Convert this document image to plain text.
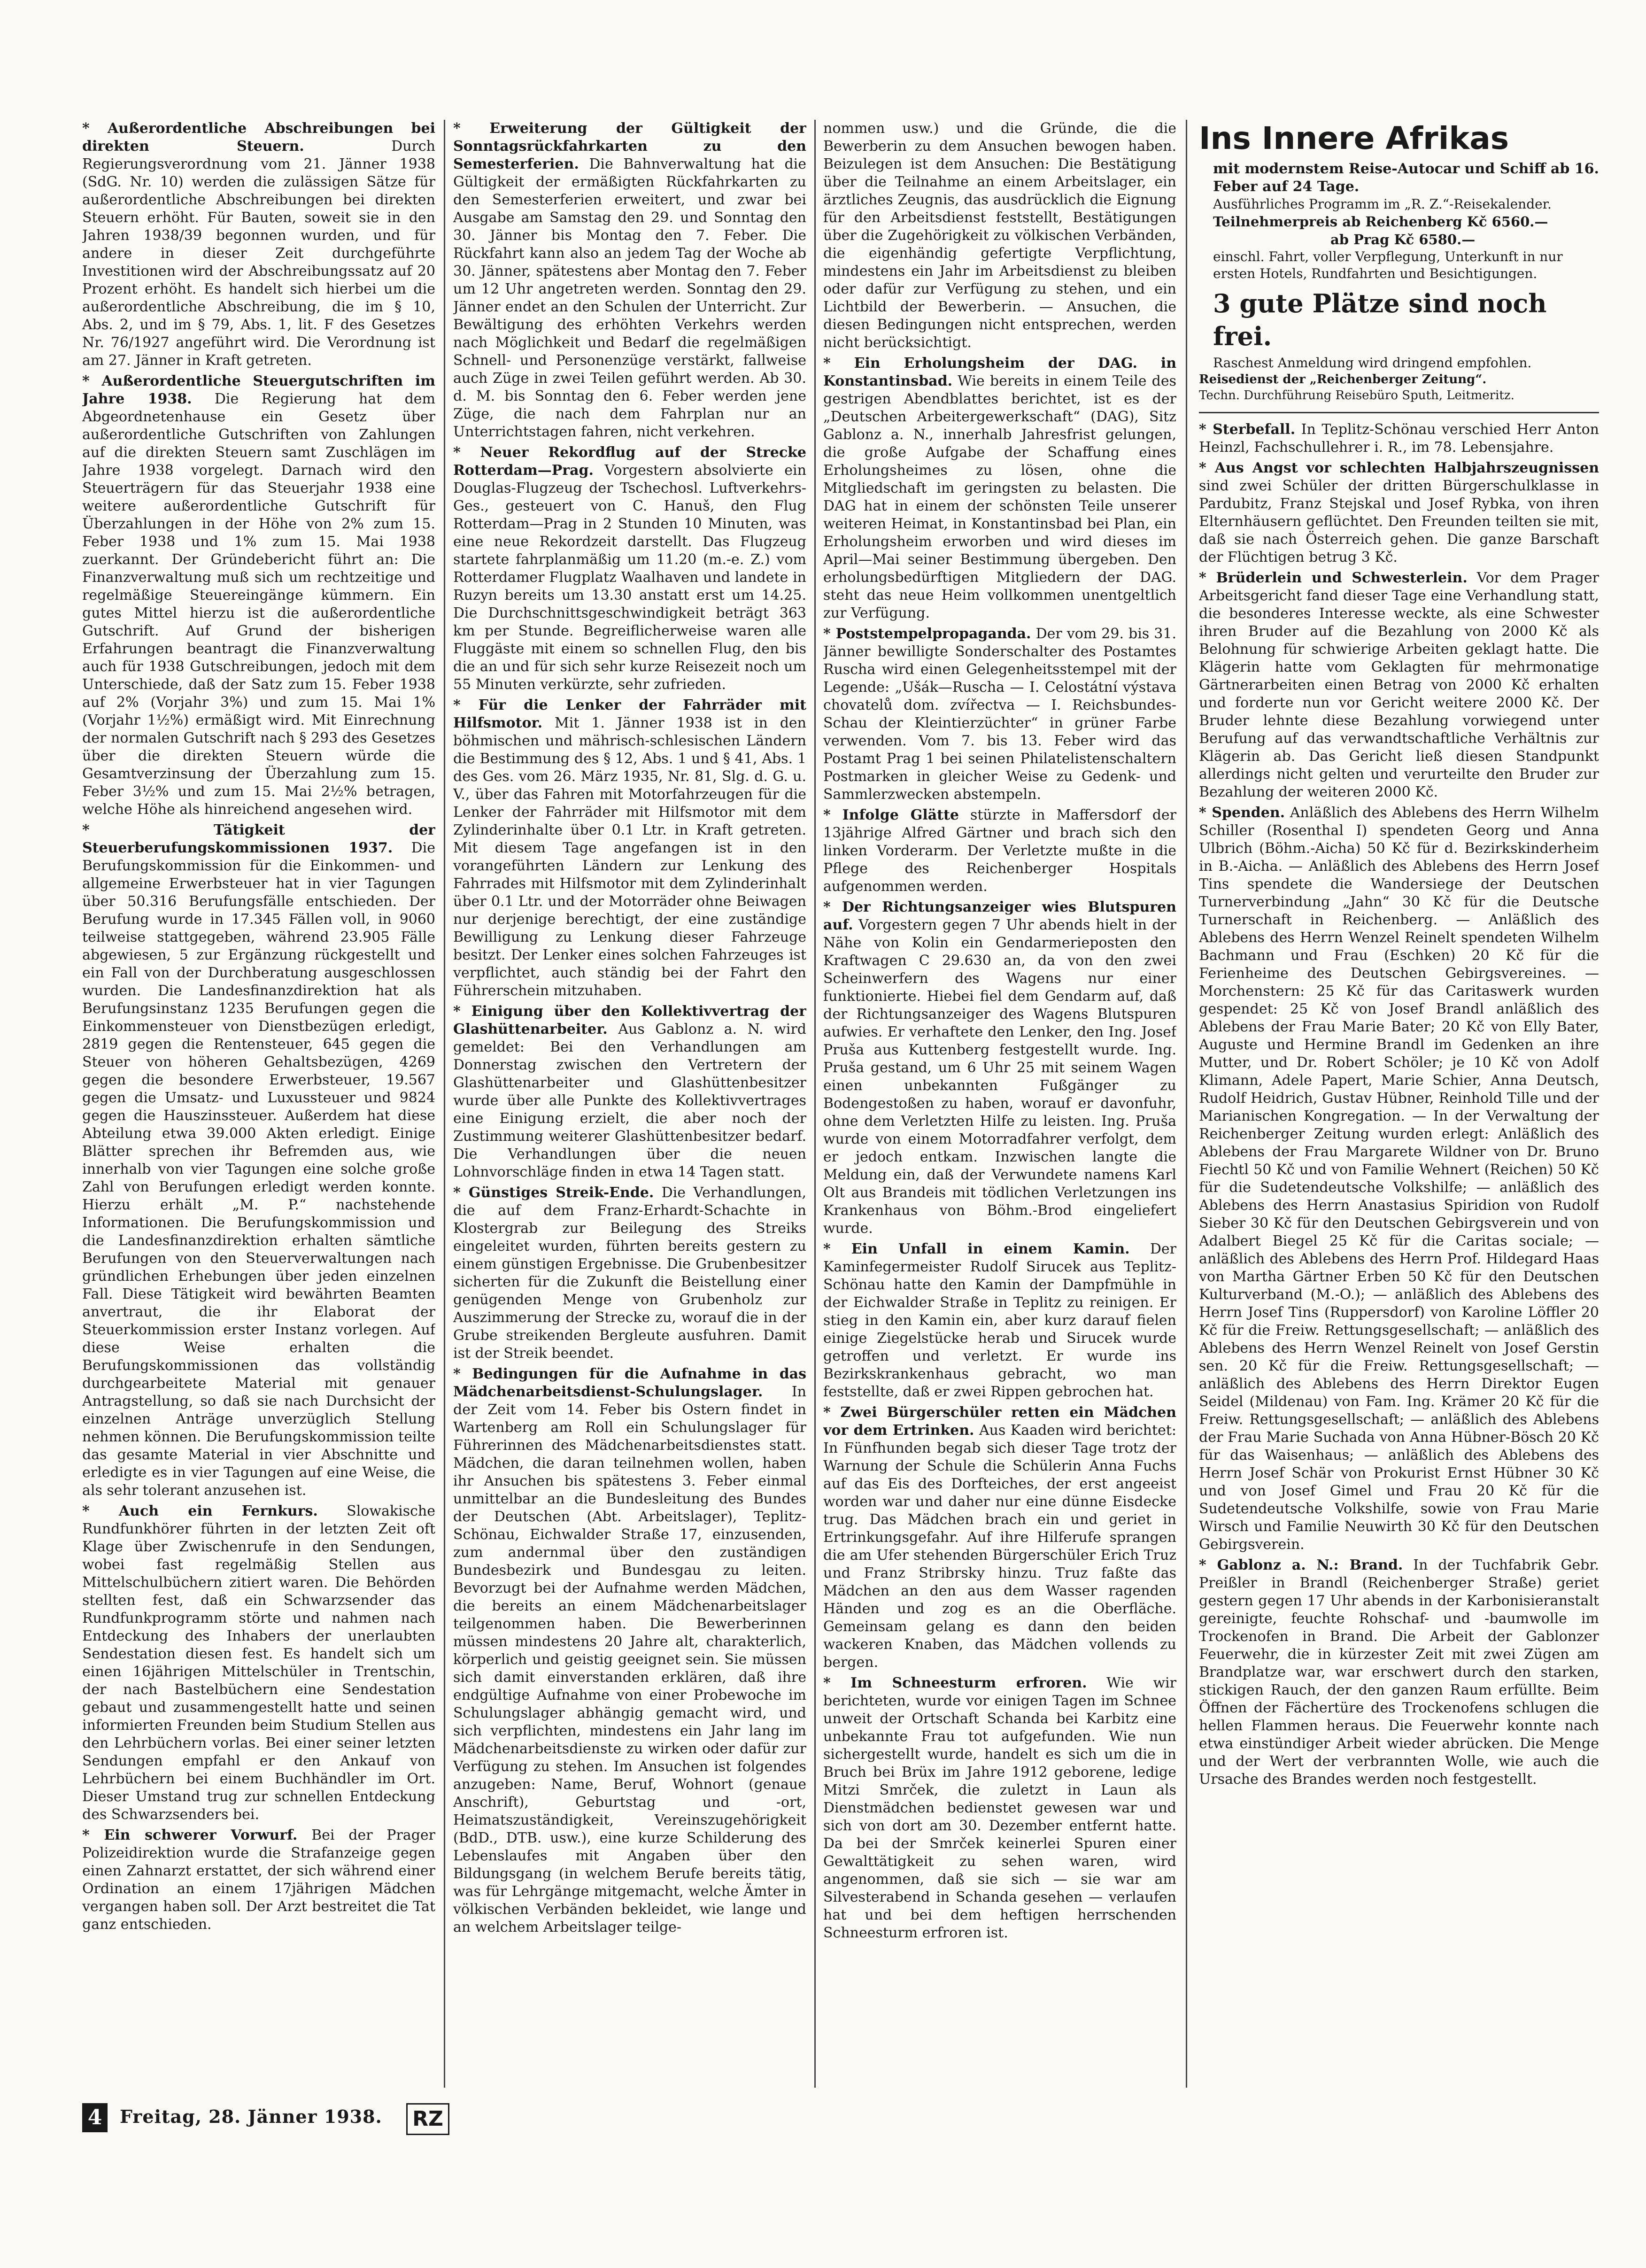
* Außerordentliche Abschreibungen bei direkten Steuern.	Durch Regierungsverordnung vom 21. Jänner 1938 (SdG. Nr. 10) werden die zulässigen Sätze für außerordentliche Abschreibungen bei direkten Steuern erhöht. Für Bauten, soweit sie in den Jahren 1938/39 begonnen wurden, und für andere in dieser Zeit durchgeführte Investitionen wird der Abschreibungssatz auf 20 Prozent erhöht. Es handelt sich hierbei um die außerordentliche Abschreibung, die im § 10, Abs. 2, und im § 79, Abs. 1, lit. F des Gesetzes Nr. 76/1927 angeführt wird. Die Verordnung ist am 27. Jänner in Kraft getreten.

* Außerordentliche Steuergutschriften im Jahre 1938. Die Regierung hat dem Abgeordnetenhause ein Gesetz über außerordentliche Gutschriften von Zahlungen auf die direkten Steuern samt Zuschlägen im Jahre 1938 vorgelegt. Darnach wird den Steuerträgern für das Steuerjahr 1938 eine weitere außerordentliche Gutschrift für Überzahlungen in der Höhe von 2% zum 15. Feber 1938 und 1% zum 15. Mai 1938 zuerkannt. Der Gründebericht führt an: Die Finanzverwaltung muß sich um rechtzeitige und regelmäßige Steuereingänge kümmern. Ein gutes Mittel hierzu ist die außerordentliche Gutschrift. Auf Grund der bisherigen Erfahrungen beantragt die Finanzverwaltung auch für 1938 Gutschreibungen, jedoch mit dem Unterschiede, daß der Satz zum 15. Feber 1938 auf 2% (Vorjahr 3%) und zum 15. Mai 1% (Vorjahr 1½%) ermäßigt wird. Mit Einrechnung der normalen Gutschrift nach § 293 des Gesetzes über die direkten Steuern würde die Gesamtverzinsung der Überzahlung zum 15. Feber 3½% und zum 15. Mai 2½% betragen, welche Höhe als hinreichend angesehen wird.

* Tätigkeit der Steuerberufungskommissionen 1937. Die Berufungskommission für die Einkommen- und allgemeine Erwerbsteuer hat in vier Tagungen über 50.316 Berufungsfälle entschieden. Der Berufung wurde in 17.345 Fällen voll, in 9060 teilweise stattgegeben, während 23.905 Fälle abgewiesen, 5 zur Ergänzung rückgestellt und ein Fall von der Durchberatung ausgeschlossen wurden. Die Landesfinanzdirektion hat als Berufungsinstanz 1235 Berufungen gegen die Einkommensteuer von Dienstbezügen erledigt, 2819 gegen die Rentensteuer, 645 gegen die Steuer von höheren Gehaltsbezügen, 4269 gegen die besondere Erwerbsteuer, 19.567 gegen die Umsatz- und Luxussteuer und 9824 gegen die Hauszinssteuer. Außerdem hat diese Abteilung etwa 39.000 Akten erledigt. Einige Blätter sprechen ihr Befremden aus, wie innerhalb von vier Tagungen eine solche große Zahl von Berufungen erledigt werden konnte. Hierzu erhält „M. P.“ nachstehende Informationen. Die Berufungskommission und die Landesfinanzdirektion erhalten sämtliche Berufungen von den Steuerverwaltungen nach gründlichen Erhebungen über jeden einzelnen Fall. Diese Tätigkeit wird bewährten Beamten anvertraut, die ihr Elaborat der Steuerkommission erster Instanz vorlegen. Auf diese Weise erhalten die Berufungskommissionen das vollständig durchgearbeitete Material mit genauer Antragstellung, so daß sie nach Durchsicht der einzelnen Anträge unverzüglich Stellung nehmen können. Die Berufungskommission teilte das gesamte Material in vier Abschnitte und erledigte es in vier Tagungen auf eine Weise, die als sehr tolerant anzusehen ist.

* Auch ein Fernkurs. Slowakische Rundfunkhörer führten in der letzten Zeit oft Klage über Zwischenrufe in den Sendungen, wobei fast regelmäßig Stellen aus Mittelschulbüchern zitiert waren. Die Behörden stellten fest, daß ein Schwarzsender das Rundfunkprogramm störte und nahmen nach Entdeckung des Inhabers der unerlaubten Sendestation diesen fest. Es handelt sich um einen 16jährigen Mittelschüler in Trentschin, der nach Bastelbüchern eine Sendestation gebaut und zusammengestellt hatte und seinen informierten Freunden beim Studium Stellen aus den Lehrbüchern vorlas. Bei einer seiner letzten Sendungen empfahl er den Ankauf von Lehrbüchern bei einem Buchhändler im Ort. Dieser Umstand trug zur schnellen Entdeckung des Schwarzsenders bei.

* Ein schwerer Vorwurf. Bei der Prager Polizeidirektion wurde die Strafanzeige gegen einen Zahnarzt erstattet, der sich während einer Ordination an einem 17jährigen Mädchen vergangen haben soll. Der Arzt bestreitet die Tat ganz entschieden.

* Erweiterung der Gültigkeit der Sonntagsrückfahrkarten zu den Semesterferien. Die Bahnverwaltung hat die Gültigkeit der ermäßigten Rückfahrkarten zu den Semesterferien erweitert, und zwar bei Ausgabe am Samstag den 29. und Sonntag den 30. Jänner bis Montag den 7. Feber. Die Rückfahrt kann also an jedem Tag der Woche ab 30. Jänner, spätestens aber Montag den 7. Feber um 12 Uhr angetreten werden. Sonntag den 29. Jänner endet an den Schulen der Unterricht. Zur Bewältigung des erhöhten Verkehrs werden nach Möglichkeit und Bedarf die regelmäßigen Schnell- und Personenzüge verstärkt, fallweise auch Züge in zwei Teilen geführt werden. Ab 30. d. M. bis Sonntag den 6. Feber werden jene Züge, die nach dem Fahrplan nur an Unterrichtstagen fahren, nicht verkehren.

* Neuer Rekordflug auf der Strecke Rotterdam—Prag. Vorgestern absolvierte ein Douglas-Flugzeug der Tschechosl. Luftverkehrs-Ges., gesteuert von C. Hanuš, den Flug Rotterdam—Prag in 2 Stunden 10 Minuten, was eine neue Rekordzeit darstellt. Das Flugzeug startete fahrplanmäßig um 11.20 (m.-e. Z.) vom Rotterdamer Flugplatz Waalhaven und landete in Ruzyn bereits um 13.30 anstatt erst um 14.25. Die Durchschnittsgeschwindigkeit beträgt 363 km per Stunde. Begreiflicherweise waren alle Fluggäste mit einem so schnellen Flug, den bis die an und für sich sehr kurze Reisezeit noch um 55 Minuten verkürzte, sehr zufrieden.

* Für die Lenker der Fahrräder mit Hilfsmotor. Mit 1. Jänner 1938 ist in den böhmischen und mährisch-schlesischen Ländern die Bestimmung des § 12, Abs. 1 und § 41, Abs. 1 des Ges. vom 26. März 1935, Nr. 81, Slg. d. G. u. V., über das Fahren mit Motorfahrzeugen für die Lenker der Fahrräder mit Hilfsmotor mit dem Zylinderinhalte über 0.1 Ltr. in Kraft getreten. Mit diesem Tage angefangen ist in den vorangeführten Ländern zur Lenkung des Fahrrades mit Hilfsmotor mit dem Zylinderinhalt über 0.1 Ltr. und der Motorräder ohne Beiwagen nur derjenige berechtigt, der eine zuständige Bewilligung zu Lenkung dieser Fahrzeuge besitzt. Der Lenker eines solchen Fahrzeuges ist verpflichtet, auch ständig bei der Fahrt den Führerschein mitzuhaben.

* Einigung über den Kollektivvertrag der Glashüttenarbeiter. Aus Gablonz a. N. wird gemeldet: Bei den Verhandlungen am Donnerstag zwischen den Vertretern der Glashüttenarbeiter und Glashüttenbesitzer wurde über alle Punkte des Kollektivvertrages eine Einigung erzielt, die aber noch der Zustimmung weiterer Glashüttenbesitzer bedarf. Die Verhandlungen über die neuen Lohnvorschläge finden in etwa 14 Tagen statt.

* Günstiges Streik-Ende. Die Verhandlungen, die auf dem Franz-Erhardt-Schachte in Klostergrab zur Beilegung des Streiks eingeleitet wurden, führten bereits gestern zu einem günstigen Ergebnisse. Die Grubenbesitzer sicherten für die Zukunft die Beistellung einer genügenden Menge von Grubenholz zur Auszimmerung der Strecke zu, worauf die in der Grube streikenden Bergleute ausfuhren. Damit ist der Streik beendet.

* Bedingungen für die Aufnahme in das Mädchenarbeitsdienst-Schulungslager. In der Zeit vom 14. Feber bis Ostern findet in Wartenberg am Roll ein Schulungslager für Führerinnen des Mädchenarbeitsdienstes statt. Mädchen, die daran teilnehmen wollen, haben ihr Ansuchen bis spätestens 3. Feber einmal unmittelbar an die Bundesleitung des Bundes der Deutschen (Abt. Arbeitslager), Teplitz-Schönau, Eichwalder Straße 17, einzusenden, zum andernmal über den zuständigen Bundesbezirk und Bundesgau zu leiten. Bevorzugt bei der Aufnahme werden Mädchen, die bereits an einem Mädchenarbeitslager teilgenommen haben. Die Bewerberinnen müssen mindestens 20 Jahre alt, charakterlich, körperlich und geistig geeignet sein. Sie müssen sich damit einverstanden erklären, daß ihre endgültige Aufnahme von einer Probewoche im Schulungslager abhängig gemacht wird, und sich verpflichten, mindestens ein Jahr lang im Mädchenarbeitsdienste zu wirken oder dafür zur Verfügung zu stehen. Im Ansuchen ist folgendes anzugeben: Name, Beruf, Wohnort (genaue Anschrift), Geburtstag und -ort, Heimatszuständigkeit, Vereinszugehörigkeit (BdD., DTB. usw.), eine kurze Schilderung des Lebenslaufes mit Angaben über den Bildungsgang (in welchem Berufe bereits tätig, was für Lehrgänge mitgemacht, welche Ämter in völkischen Verbänden bekleidet, wie lange und an welchem Arbeitslager teilge-

nommen usw.) und die Gründe, die die Bewerberin zu dem Ansuchen bewogen haben. Beizulegen ist dem Ansuchen: Die Bestätigung über die Teilnahme an einem Arbeitslager, ein ärztliches Zeugnis, das ausdrücklich die Eignung für den Arbeitsdienst feststellt, Bestätigungen über die Zugehörigkeit zu völkischen Verbänden, die eigenhändig gefertigte Verpflichtung, mindestens ein Jahr im Arbeitsdienst zu bleiben oder dafür zur Verfügung zu stehen, und ein Lichtbild der Bewerberin. — Ansuchen, die diesen Bedingungen nicht entsprechen, werden nicht berücksichtigt.

* Ein Erholungsheim der DAG. in Konstantinsbad. Wie bereits in einem Teile des gestrigen Abendblattes berichtet, ist es der „Deutschen Arbeitergewerkschaft“ (DAG), Sitz Gablonz a. N., innerhalb Jahresfrist gelungen, die große Aufgabe der Schaffung eines Erholungsheimes zu lösen, ohne die Mitgliedschaft im geringsten zu belasten. Die DAG hat in einem der schönsten Teile unserer weiteren Heimat, in Konstantinsbad bei Plan, ein Erholungsheim erworben und wird dieses im April—Mai seiner Bestimmung übergeben. Den erholungsbedürftigen Mitgliedern der DAG. steht das neue Heim vollkommen unentgeltlich zur Verfügung.

* Poststempelpropaganda. Der vom 29. bis 31. Jänner bewilligte Sonderschalter des Postamtes Ruscha wird einen Gelegenheitsstempel mit der Legende: „Ušák—Ruscha — I. Celostátní výstava chovatelů dom. zvířectva — I. Reichsbundes-Schau der Kleintierzüchter“ in grüner Farbe verwenden. Vom 7. bis 13. Feber wird das Postamt Prag 1 bei seinen Philatelistenschaltern Postmarken in gleicher Weise zu Gedenk- und Sammlerzwecken abstempeln.

* Infolge Glätte stürzte in Maffersdorf der 13jährige Alfred Gärtner und brach sich den linken Vorderarm. Der Verletzte mußte in die Pflege des Reichenberger Hospitals aufgenommen werden.

* Der Richtungsanzeiger wies Blutspuren auf. Vorgestern gegen 7 Uhr abends hielt in der Nähe von Kolin ein Gendarmerieposten den Kraftwagen C 29.630 an, da von den zwei Scheinwerfern des Wagens nur einer funktionierte. Hiebei fiel dem Gendarm auf, daß der Richtungsanzeiger des Wagens Blutspuren aufwies. Er verhaftete den Lenker, den Ing. Josef Pruša aus Kuttenberg festgestellt wurde. Ing. Pruša gestand, um 6 Uhr 25 mit seinem Wagen einen unbekannten Fußgänger zu Bodengestoßen zu haben, worauf er davonfuhr, ohne dem Verletzten Hilfe zu leisten. Ing. Pruša wurde von einem Motorradfahrer verfolgt, dem er jedoch entkam. Inzwischen langte die Meldung ein, daß der Verwundete namens Karl Olt aus Brandeis mit tödlichen Verletzungen ins Krankenhaus von Böhm.-Brod eingeliefert wurde.

* Ein Unfall in einem Kamin. Der Kaminfegermeister Rudolf Sirucek aus Teplitz-Schönau hatte den Kamin der Dampfmühle in der Eichwalder Straße in Teplitz zu reinigen. Er stieg in den Kamin ein, aber kurz darauf fielen einige Ziegelstücke herab und Sirucek wurde getroffen und verletzt. Er wurde ins Bezirkskrankenhaus gebracht, wo man feststellte, daß er zwei Rippen gebrochen hat.

* Zwei Bürgerschüler retten ein Mädchen vor dem Ertrinken. Aus Kaaden wird berichtet: In Fünfhunden begab sich dieser Tage trotz der Warnung der Schule die Schülerin Anna Fuchs auf das Eis des Dorfteiches, der erst angeeist worden war und daher nur eine dünne Eisdecke trug. Das Mädchen brach ein und geriet in Ertrinkungsgefahr. Auf ihre Hilferufe sprangen die am Ufer stehenden Bürgerschüler Erich Truz und Franz Stribrsky hinzu. Truz faßte das Mädchen an den aus dem Wasser ragenden Händen und zog es an die Oberfläche. Gemeinsam gelang es dann den beiden wackeren Knaben, das Mädchen vollends zu bergen.

* Im Schneesturm erfroren. Wie wir berichteten, wurde vor einigen Tagen im Schnee unweit der Ortschaft Schanda bei Karbitz eine unbekannte Frau tot aufgefunden. Wie nun sichergestellt wurde, handelt es sich um die in Bruch bei Brüx im Jahre 1912 geborene, ledige Mitzi Smrček, die zuletzt in Laun als Dienstmädchen bedienstet gewesen war und sich von dort am 30. Dezember entfernt hatte. Da bei der Smrček keinerlei Spuren einer Gewalttätigkeit zu sehen waren, wird angenommen, daß sie sich — sie war am Silvesterabend in Schanda gesehen — verlaufen hat und bei dem heftigen herrschenden Schneesturm erfroren ist.

Ins Innere Afrikas
mit modernstem Reise-Autocar und Schiff ab 16. Feber auf 24 Tage.
Ausführliches Programm im „R. Z.“-Reisekalender.
Teilnehmerpreis ab Reichenberg Kč 6560.—
ab Prag Kč 6580.—
einschl. Fahrt, voller Verpflegung, Unterkunft in nur ersten Hotels, Rundfahrten und Besichtigungen.
3 gute Plätze sind noch frei.
Raschest Anmeldung wird dringend empfohlen.
Reisedienst der „Reichenberger Zeitung“.
Techn. Durchführung Reisebüro Sputh, Leitmeritz.

* Sterbefall. In Teplitz-Schönau verschied Herr Anton Heinzl, Fachschullehrer i. R., im 78. Lebensjahre.

* Aus Angst vor schlechten Halbjahrszeugnissen sind zwei Schüler der dritten Bürgerschulklasse in Pardubitz, Franz Stejskal und Josef Rybka, von ihren Elternhäusern geflüchtet. Den Freunden teilten sie mit, daß sie nach Österreich gehen. Die ganze Barschaft der Flüchtigen betrug 3 Kč.

* Brüderlein und Schwesterlein. Vor dem Prager Arbeitsgericht fand dieser Tage eine Verhandlung statt, die besonderes Interesse weckte, als eine Schwester ihren Bruder auf die Bezahlung von 2000 Kč als Belohnung für schwierige Arbeiten geklagt hatte. Die Klägerin hatte vom Geklagten für mehrmonatige Gärtnerarbeiten einen Betrag von 2000 Kč erhalten und forderte nun vor Gericht weitere 2000 Kč. Der Bruder lehnte diese Bezahlung vorwiegend unter Berufung auf das verwandtschaftliche Verhältnis zur Klägerin ab. Das Gericht ließ diesen Standpunkt allerdings nicht gelten und verurteilte den Bruder zur Bezahlung der weiteren 2000 Kč.

* Spenden. Anläßlich des Ablebens des Herrn Wilhelm Schiller (Rosenthal I) spendeten Georg und Anna Ulbrich (Böhm.-Aicha) 50 Kč für d. Bezirkskinderheim in B.-Aicha. — Anläßlich des Ablebens des Herrn Josef Tins spendete die Wandersiege der Deutschen Turnerverbindung „Jahn“ 30 Kč für die Deutsche Turnerschaft in Reichenberg. — Anläßlich des Ablebens des Herrn Wenzel Reinelt spendeten Wilhelm Bachmann und Frau (Eschken) 20 Kč für die Ferienheime des Deutschen Gebirgsvereines. — Morchenstern: 25 Kč für das Caritaswerk wurden gespendet: 25 Kč von Josef Brandl anläßlich des Ablebens der Frau Marie Bater; 20 Kč von Elly Bater, Auguste und Hermine Brandl im Gedenken an ihre Mutter, und Dr. Robert Schöler; je 10 Kč von Adolf Klimann, Adele Papert, Marie Schier, Anna Deutsch, Rudolf Heidrich, Gustav Hübner, Reinhold Tille und der Marianischen Kongregation. — In der Verwaltung der Reichenberger Zeitung wurden erlegt: Anläßlich des Ablebens der Frau Margarete Wildner von Dr. Bruno Fiechtl 50 Kč und von Familie Wehnert (Reichen) 50 Kč für die Sudetendeutsche Volkshilfe; — anläßlich des Ablebens des Herrn Anastasius Spiridion von Rudolf Sieber 30 Kč für den Deutschen Gebirgsverein und von Adalbert Biegel 25 Kč für die Caritas sociale; — anläßlich des Ablebens des Herrn Prof. Hildegard Haas von Martha Gärtner Erben 50 Kč für den Deutschen Kulturverband (M.-O.); — anläßlich des Ablebens des Herrn Josef Tins (Ruppersdorf) von Karoline Löffler 20 Kč für die Freiw. Rettungsgesellschaft; — anläßlich des Ablebens des Herrn Wenzel Reinelt von Josef Gerstin sen. 20 Kč für die Freiw. Rettungsgesellschaft; — anläßlich des Ablebens des Herrn Direktor Eugen Seidel (Mildenau) von Fam. Ing. Krämer 20 Kč für die Freiw. Rettungsgesellschaft; — anläßlich des Ablebens der Frau Marie Suchada von Anna Hübner-Bösch 20 Kč für das Waisenhaus; — anläßlich des Ablebens des Herrn Josef Schär von Prokurist Ernst Hübner 30 Kč und von Josef Gimel und Frau 20 Kč für die Sudetendeutsche Volkshilfe, sowie von Frau Marie Wirsch und Familie Neuwirth 30 Kč für den Deutschen Gebirgsverein.

* Gablonz a. N.: Brand. In der Tuchfabrik Gebr. Preißler in Brandl (Reichenberger Straße) geriet gestern gegen 17 Uhr abends in der Karbonisieranstalt gereinigte, feuchte Rohschaf- und -baumwolle im Trockenofen in Brand. Die Arbeit der Gablonzer Feuerwehr, die in kürzester Zeit mit zwei Zügen am Brandplatze war, war erschwert durch den starken, stickigen Rauch, der den ganzen Raum erfüllte. Beim Öffnen der Fächertüre des Trockenofens schlugen die hellen Flammen heraus. Die Feuerwehr konnte nach etwa einstündiger Arbeit wieder abrücken. Die Menge und der Wert der verbrannten Wolle, wie auch die Ursache des Brandes werden noch festgestellt.

4 Freitag, 28. Jänner 1938. RZ
